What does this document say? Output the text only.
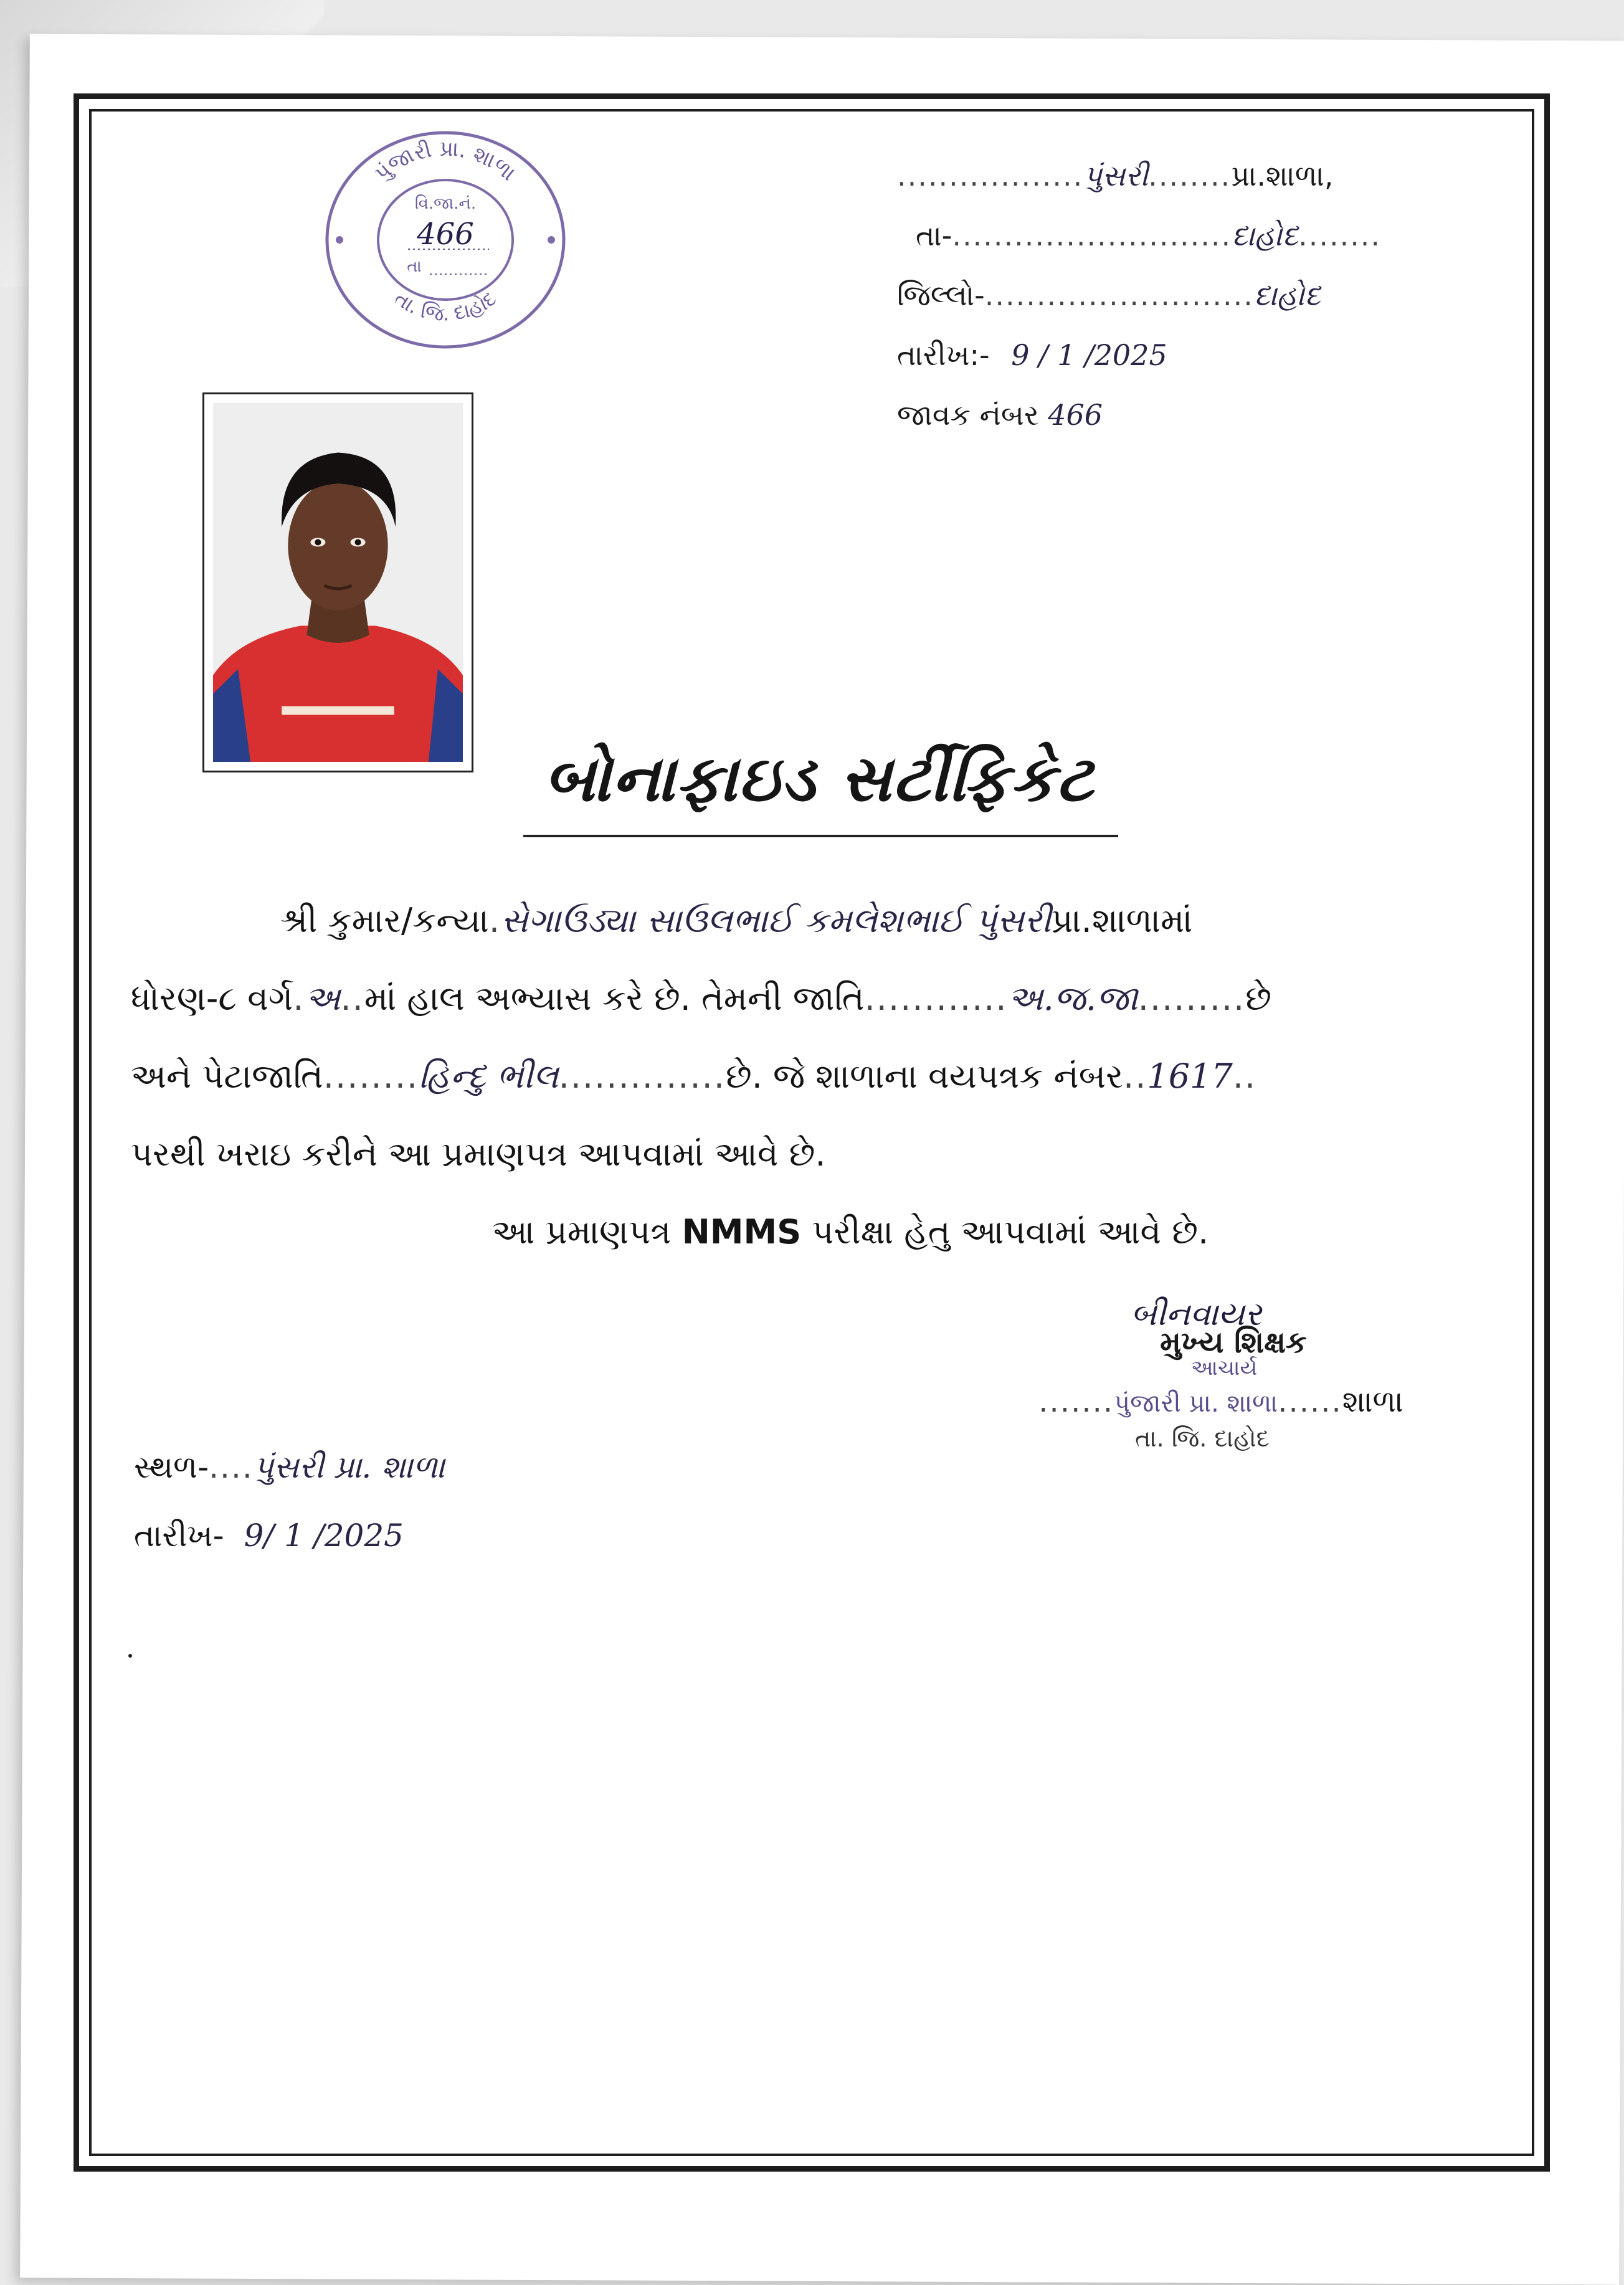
પુંજારી પ્રા. શાળા
તા. જિ. દાહોદ
વિ.જા.નં.
466
તા
..................પુંસરી........પ્રા.શાળા,
તા-...........................દાહોદ........
જિલ્લો-..........................દાહોદ
તારીખ:- 9 / 1 /2025
જાવક નંબર 466
બોનાફાઇડ સર્ટીફિકેટ
શ્રી કુમાર/કન્યા.સેગાઉડ્યા સાઉલભાઈ કમલેશભાઈ પુંસરીપ્રા.શાળામાં
ધોરણ-૮ વર્ગ.અ..માં હાલ અભ્યાસ કરે છે. તેમની જાતિ............અ.જ.જા.........છે
અને પેટાજાતિ........હિન્દુ ભીલ..............છે. જે શાળાના વયપત્રક નંબર..1617..
પરથી ખરાઇ કરીને આ પ્રમાણપત્ર આપવામાં આવે છે.
આ પ્રમાણપત્ર NMMS પરીક્ષા હેતુ આપવામાં આવે છે.
બીનવાયર
મુખ્ય શિક્ષક
આચાર્ય
.......પુંજારી પ્રા. શાળા......શાળા
તા. જિ. દાહોદ
સ્થળ-....પુંસરી પ્રા. શાળા
તારીખ- 9/ 1 /2025
